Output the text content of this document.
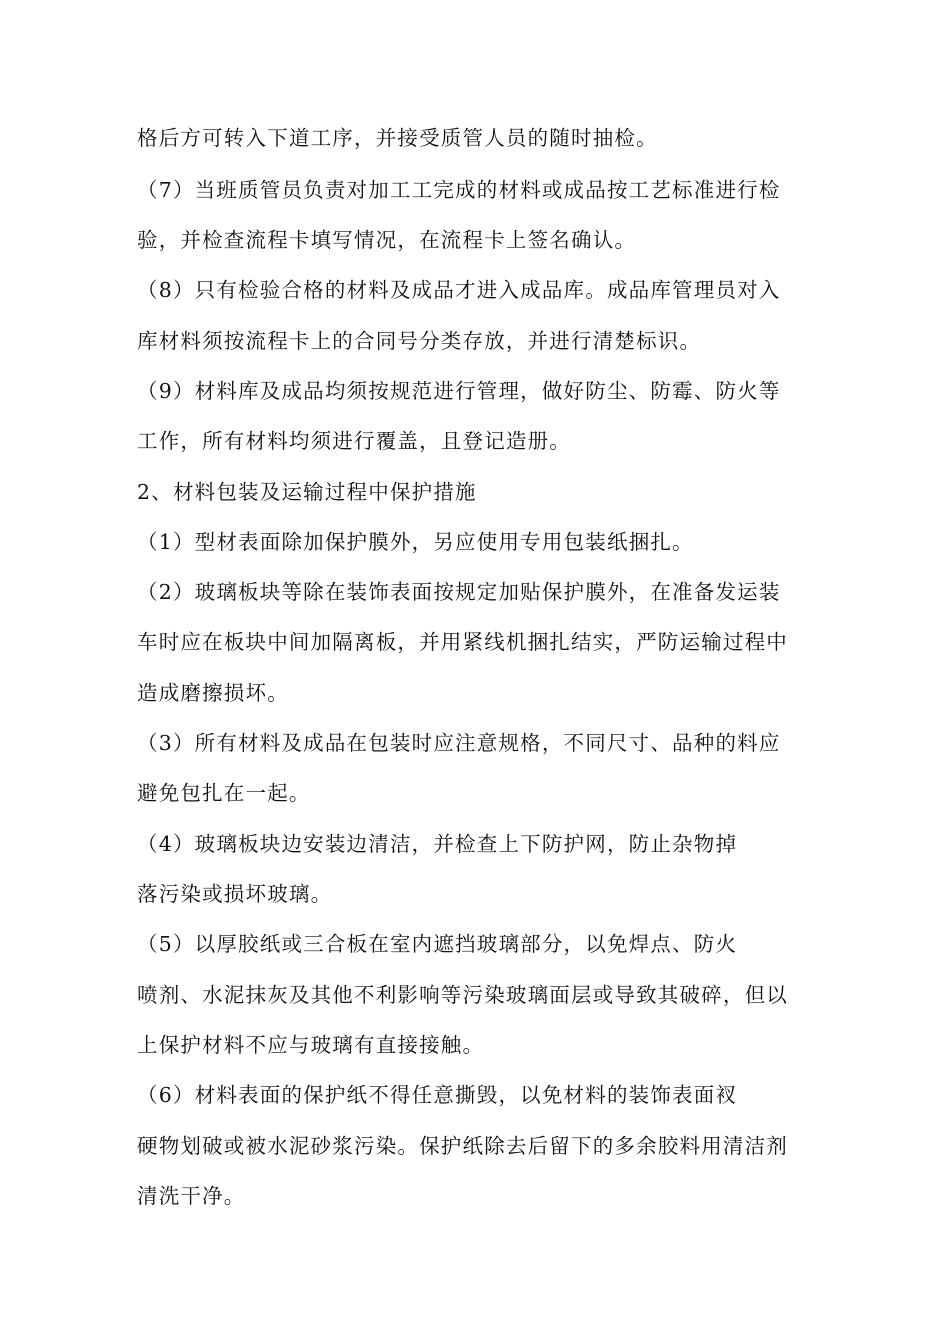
格后方可转入下道工序，并接受质管人员的随时抽检。
（7）当班质管员负责对加工工完成的材料或成品按工艺标准进行检
验，并检查流程卡填写情况，在流程卡上签名确认。
（8）只有检验合格的材料及成品才进入成品库。成品库管理员对入
库材料须按流程卡上的合同号分类存放，并进行清楚标识。
（9）材料库及成品均须按规范进行管理，做好防尘、防霉、防火等
工作，所有材料均须进行覆盖，且登记造册。
2、材料包装及运输过程中保护措施
（1）型材表面除加保护膜外，另应使用专用包装纸捆扎。
（2）玻璃板块等除在装饰表面按规定加贴保护膜外，在准备发运装
车时应在板块中间加隔离板，并用紧线机捆扎结实，严防运输过程中
造成磨擦损坏。
（3）所有材料及成品在包装时应注意规格，不同尺寸、品种的料应
避免包扎在一起。
（4）玻璃板块边安装边清洁，并检查上下防护网，防止杂物掉
落污染或损坏玻璃。
（5）以厚胶纸或三合板在室内遮挡玻璃部分，以免焊点、防火
喷剂、水泥抹灰及其他不利影响等污染玻璃面层或导致其破碎，但以
上保护材料不应与玻璃有直接接触。
（6）材料表面的保护纸不得任意撕毁，以免材料的装饰表面衩
硬物划破或被水泥砂浆污染。保护纸除去后留下的多余胶料用清洁剂
清洗干净。
